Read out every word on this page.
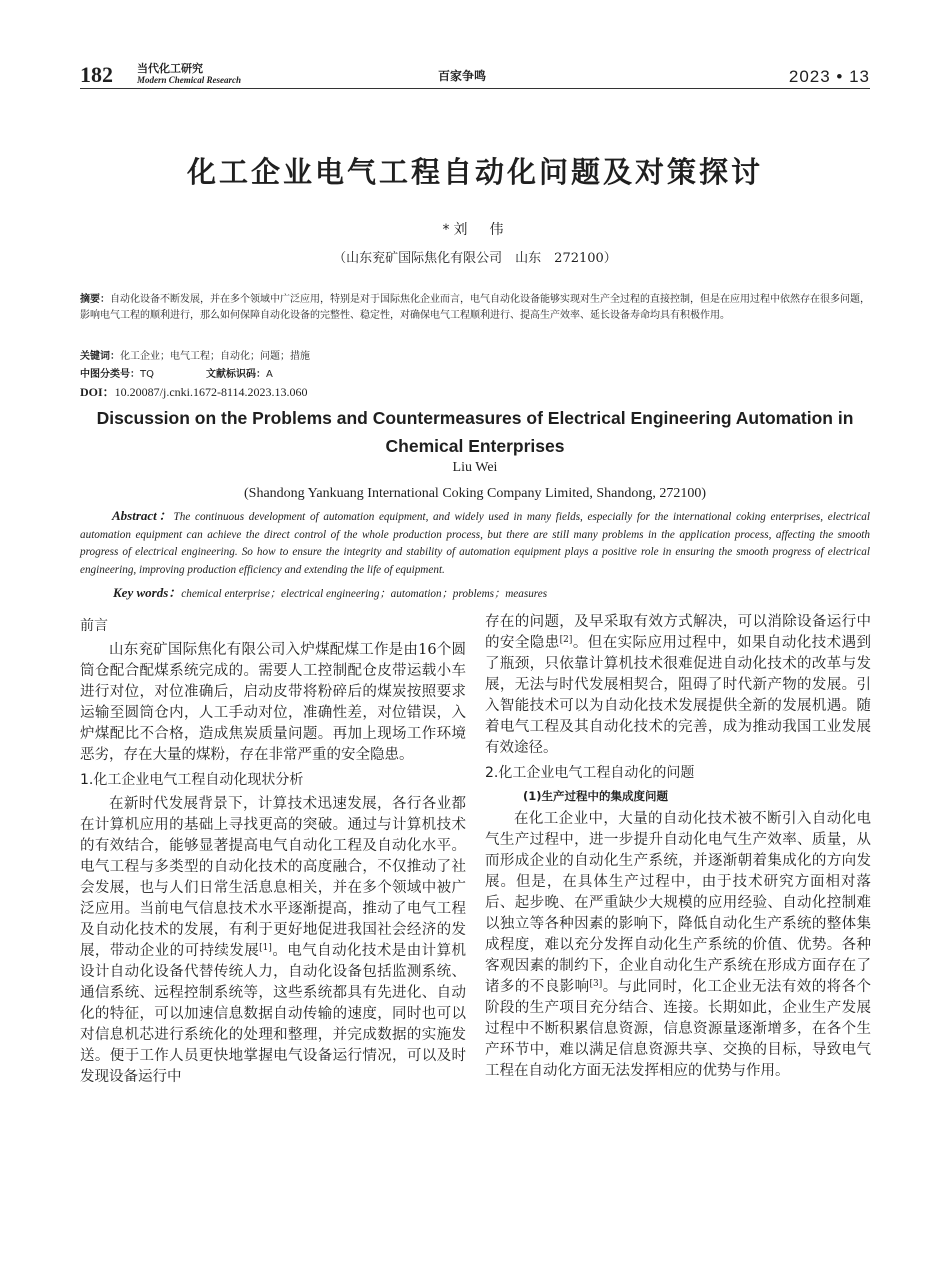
182 当代化工研究
Modern Chemical Research	百家争鸣	2023 • 13
化工企业电气工程自动化问题及对策探讨
*刘　伟
（山东兖矿国际焦化有限公司　山东　272100）
摘要：自动化设备不断发展，并在多个领域中广泛应用，特别是对于国际焦化企业而言，电气自动化设备能够实现对生产全过程的直接控制，但是在应用过程中依然存在很多问题，影响电气工程的顺利进行，那么如何保障自动化设备的完整性、稳定性，对确保电气工程顺利进行、提高生产效率、延长设备寿命均具有积极作用。
关键词：化工企业；电气工程；自动化；问题；措施
中图分类号：TQ	文献标识码：A
DOI：10.20087/j.cnki.1672-8114.2023.13.060
Discussion on the Problems and Countermeasures of Electrical Engineering Automation in Chemical Enterprises
Liu Wei
(Shandong Yankuang International Coking Company Limited, Shandong, 272100)
Abstract：The continuous development of automation equipment, and widely used in many fields, especially for the international coking enterprises, electrical automation equipment can achieve the direct control of the whole production process, but there are still many problems in the application process, affecting the smooth progress of electrical engineering. So how to ensure the integrity and stability of automation equipment plays a positive role in ensuring the smooth progress of electrical engineering, improving production efficiency and extending the life of equipment.
Key words：chemical enterprise；electrical engineering；automation；problems；measures
前言

山东兖矿国际焦化有限公司入炉煤配煤工作是由16个圆筒仓配合配煤系统完成的。需要人工控制配仓皮带运载小车进行对位，对位准确后，启动皮带将粉碎后的煤炭按照要求运输至圆筒仓内，人工手动对位，准确性差，对位错误，入炉煤配比不合格，造成焦炭质量问题。再加上现场工作环境恶劣，存在大量的煤粉，存在非常严重的安全隐患。

1.化工企业电气工程自动化现状分析

在新时代发展背景下，计算技术迅速发展，各行各业都在计算机应用的基础上寻找更高的突破。通过与计算机技术的有效结合，能够显著提高电气自动化工程及自动化水平。电气工程与多类型的自动化技术的高度融合，不仅推动了社会发展，也与人们日常生活息息相关，并在多个领域中被广泛应用。当前电气信息技术水平逐渐提高，推动了电气工程及自动化技术的发展，有利于更好地促进我国社会经济的发展，带动企业的可持续发展[1]。电气自动化技术是由计算机设计自动化设备代替传统人力，自动化设备包括监测系统、通信系统、远程控制系统等，这些系统都具有先进化、自动化的特征，可以加速信息数据自动传输的速度，同时也可以对信息机芯进行系统化的处理和整理，并完成数据的实施发送。便于工作人员更快地掌握电气设备运行情况，可以及时发现设备运行中

存在的问题，及早采取有效方式解决，可以消除设备运行中的安全隐患[2]。但在实际应用过程中，如果自动化技术遇到了瓶颈，只依靠计算机技术很难促进自动化技术的改革与发展，无法与时代发展相契合，阻碍了时代新产物的发展。引入智能技术可以为自动化技术发展提供全新的发展机遇。随着电气工程及其自动化技术的完善，成为推动我国工业发展有效途径。

2.化工企业电气工程自动化的问题
(1)生产过程中的集成度问题

在化工企业中，大量的自动化技术被不断引入自动化电气生产过程中，进一步提升自动化电气生产效率、质量，从而形成企业的自动化生产系统，并逐渐朝着集成化的方向发展。但是，在具体生产过程中，由于技术研究方面相对落后、起步晚、在严重缺少大规模的应用经验、自动化控制难以独立等各种因素的影响下，降低自动化生产系统的整体集成程度，难以充分发挥自动化生产系统的价值、优势。各种客观因素的制约下，企业自动化生产系统在形成方面存在了诸多的不良影响[3]。与此同时，化工企业无法有效的将各个阶段的生产项目充分结合、连接。长期如此，企业生产发展过程中不断积累信息资源，信息资源量逐渐增多，在各个生产环节中，难以满足信息资源共享、交换的目标，导致电气工程在自动化方面无法发挥相应的优势与作用。
